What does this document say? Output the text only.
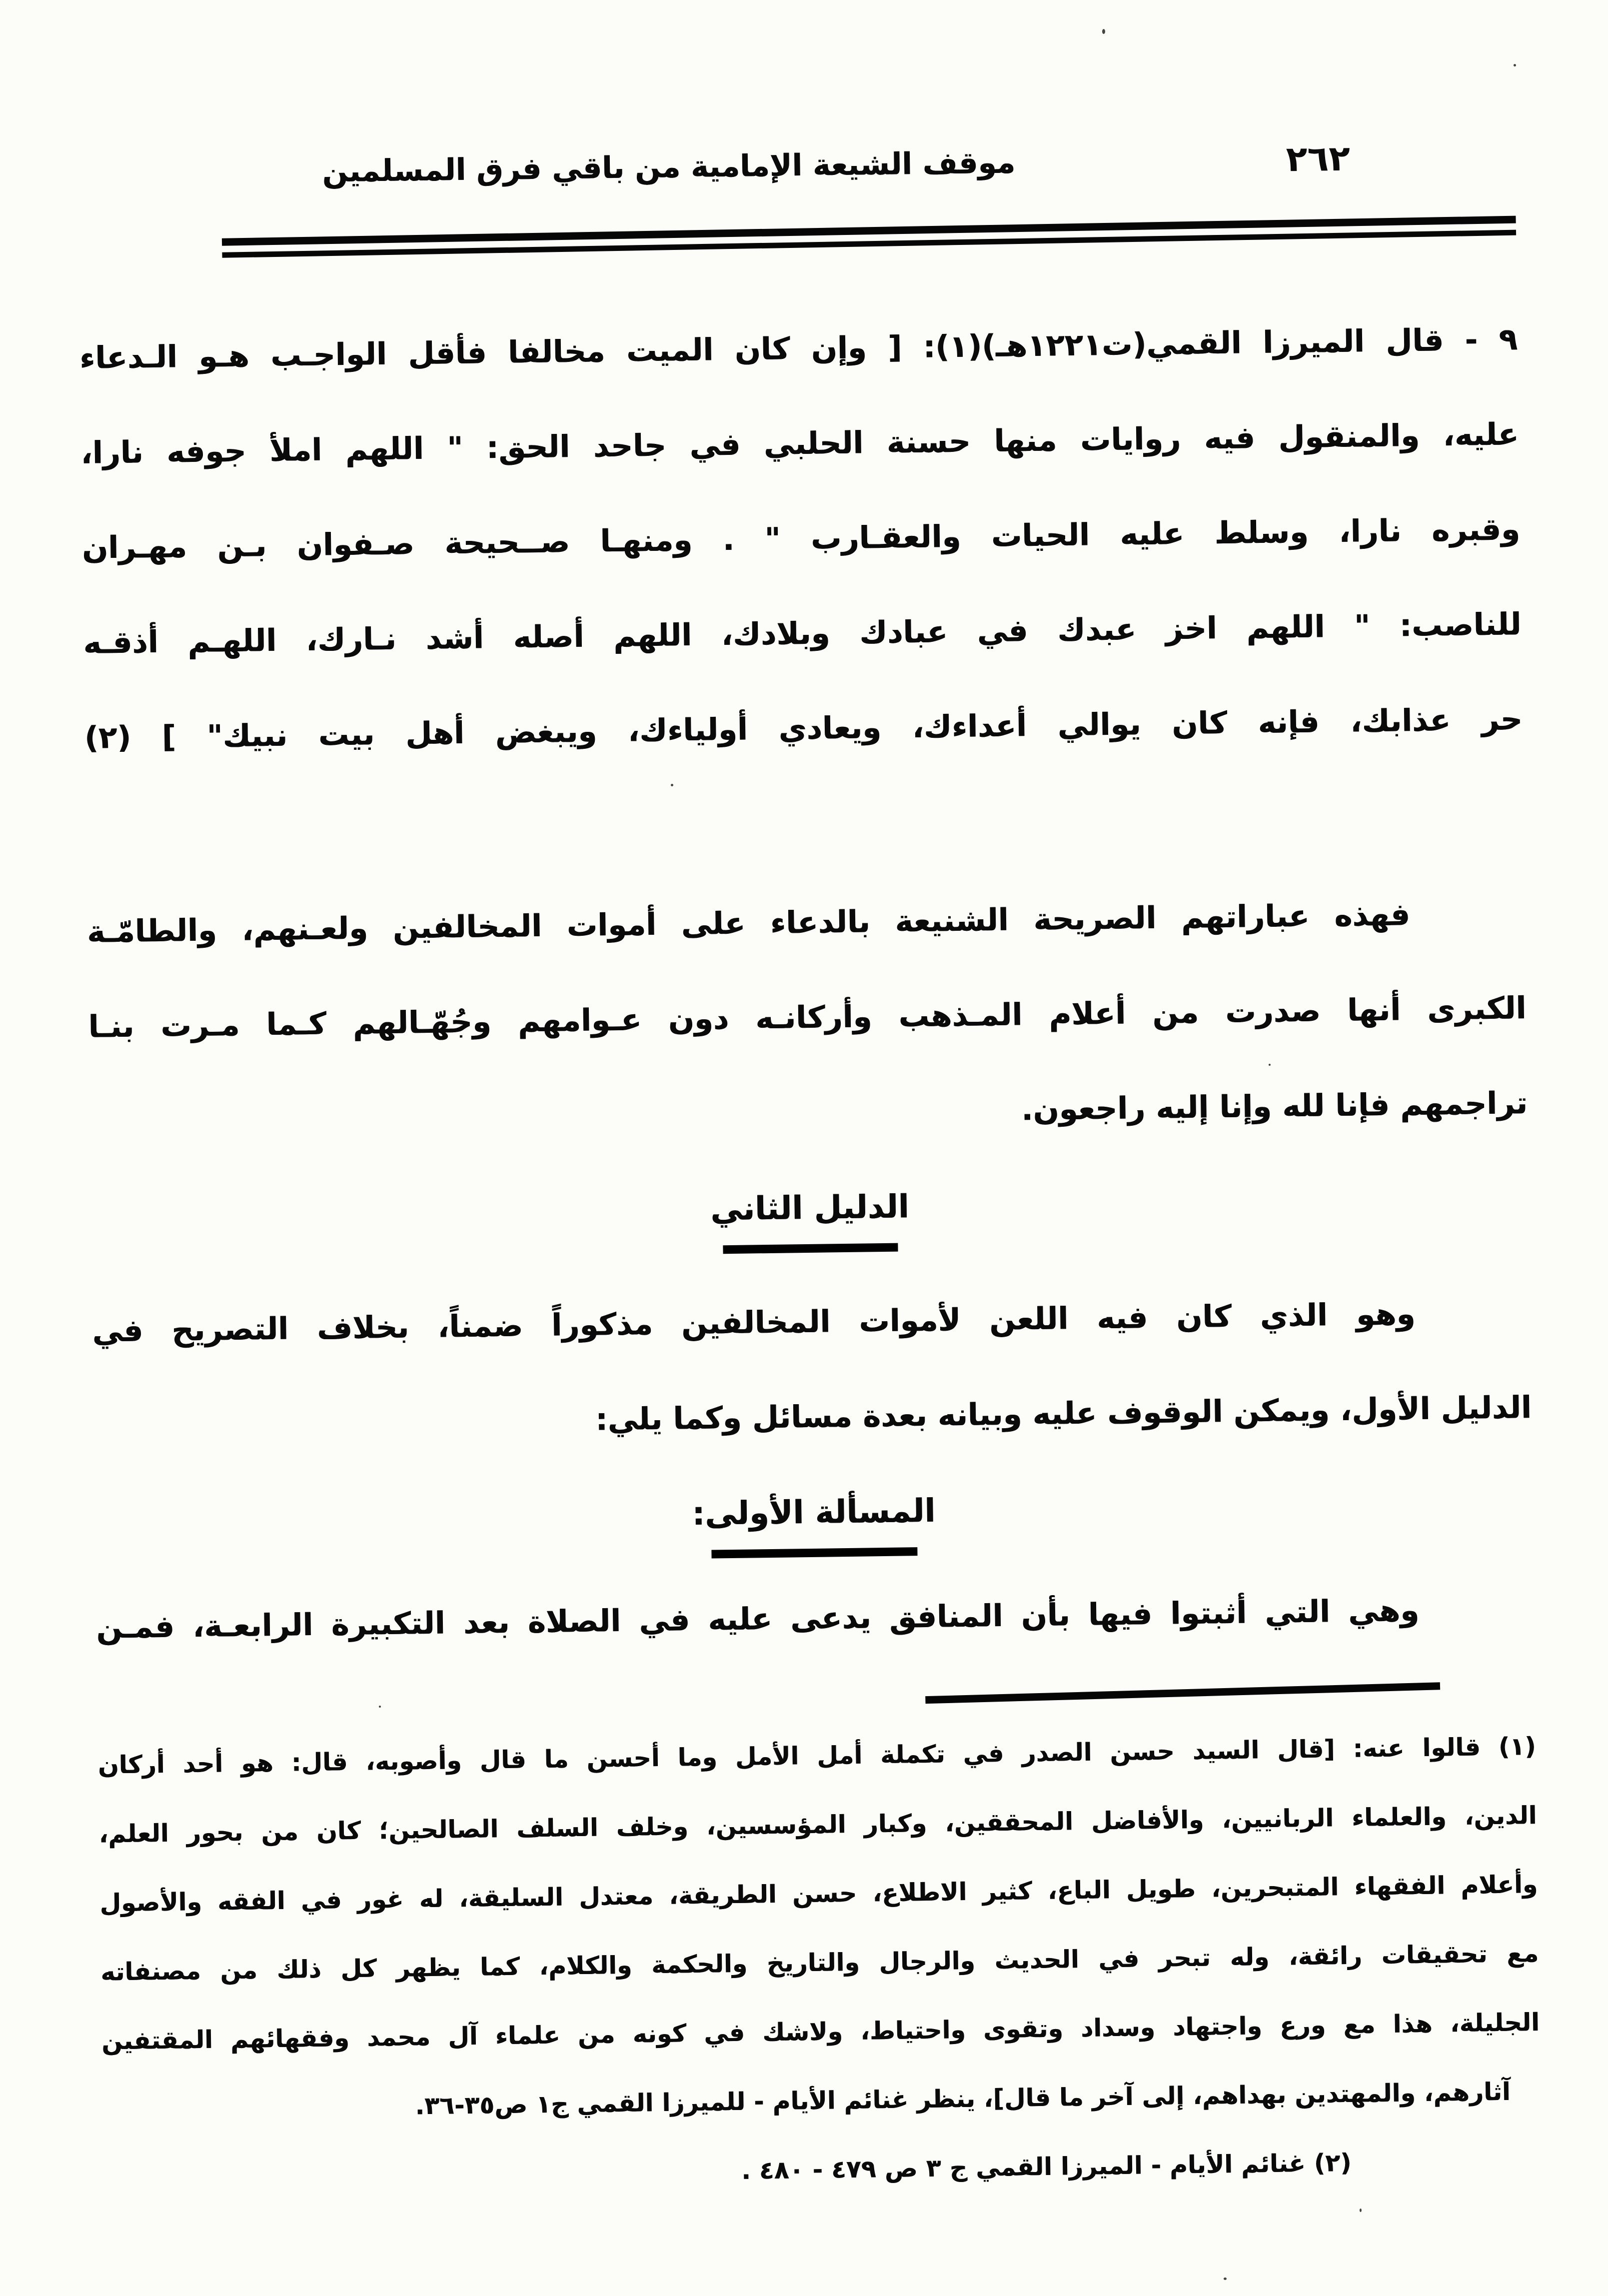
موقف الشيعة الإمامية من باقي فرق المسلمين	٢٦٢
٩ - قال الميرزا القمي(ت١٢٢١هـ)(١): [ وإن كان الميت مخالفا فأقل الواجـب هـو الـدعاء
عليه، والمنقول فيه روايات منها حسنة الحلبي في جاحد الحق: " اللهم املأ جوفه نارا،
وقبره نارا، وسلط عليه الحيات والعقـارب " . ومنهـا صــحيحة صـفوان بـن مهـران
للناصب: " اللهم اخز عبدك في عبادك وبلادك، اللهم أصله أشد نـارك، اللهـم أذقـه
حر عذابك، فإنه كان يوالي أعداءك، ويعادي أولياءك، ويبغض أهل بيت نبيك" ] (٢)
فهذه عباراتهم الصريحة الشنيعة بالدعاء على أموات المخالفين ولعـنهم، والطامّـة
الكبرى أنها صدرت من أعلام المـذهب وأركانـه دون عـوامهم وجُهّـالهم كـما مـرت بنـا
تراجمهم فإنا لله وإنا إليه راجعون.
الدليل الثاني
وهو الذي كان فيه اللعن لأموات المخالفين مذكوراً ضمناً، بخلاف التصريح في
الدليل الأول، ويمكن الوقوف عليه وبيانه بعدة مسائل وكما يلي:
المسألة الأولى:
وهي التي أثبتوا فيها بأن المنافق يدعى عليه في الصلاة بعد التكبيرة الرابعـة، فمـن
(١) قالوا عنه: [قال السيد حسن الصدر في تكملة أمل الأمل وما أحسن ما قال وأصوبه، قال: هو أحد أركان
الدين، والعلماء الربانيين، والأفاضل المحققين، وكبار المؤسسين، وخلف السلف الصالحين؛ كان من بحور العلم،
وأعلام الفقهاء المتبحرين، طويل الباع، كثير الاطلاع، حسن الطريقة، معتدل السليقة، له غور في الفقه والأصول
مع تحقيقات رائقة، وله تبحر في الحديث والرجال والتاريخ والحكمة والكلام، كما يظهر كل ذلك من مصنفاته
الجليلة، هذا مع ورع واجتهاد وسداد وتقوى واحتياط، ولاشك في كونه من علماء آل محمد وفقهائهم المقتفين
آثارهم، والمهتدين بهداهم، إلى آخر ما قال]، ينظر غنائم الأيام - للميرزا القمي ج١ ص٣٥-٣٦.
(٢) غنائم الأيام - الميرزا القمي ج ٣ ص ٤٧٩ - ٤٨٠ .
